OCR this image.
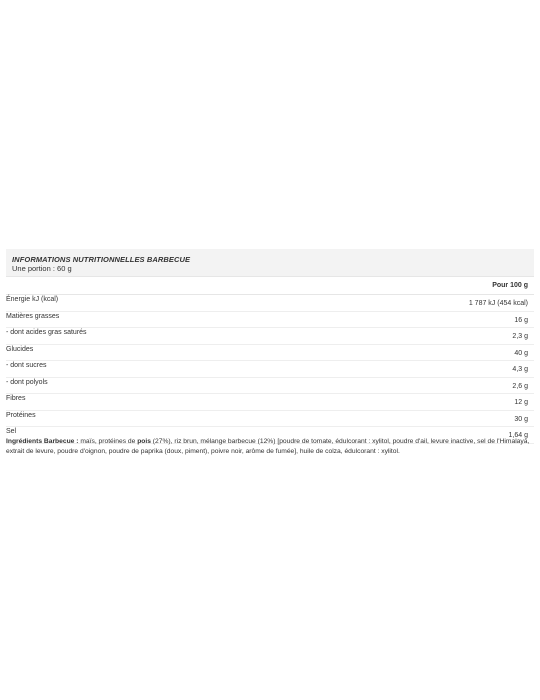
INFORMATIONS NUTRITIONNELLES BARBECUE
Une portion : 60 g
Pour 100 g
Énergie kJ (kcal)
1 787 kJ (454 kcal)
Matières grasses
16 g
- dont acides gras saturés
2,3 g
Glucides
40 g
- dont sucres
4,3 g
- dont polyols
2,6 g
Fibres
12 g
Protéines
30 g
Sel
1,64 g
Ingrédients Barbecue : maïs, protéines de pois (27%), riz brun, mélange barbecue (12%) [poudre de tomate, édulcorant : xylitol, poudre d'ail, levure inactive, sel de l'Himalaya, extrait de levure, poudre d'oignon, poudre de paprika (doux, piment), poivre noir, arôme de fumée], huile de colza, édulcorant : xylitol.
